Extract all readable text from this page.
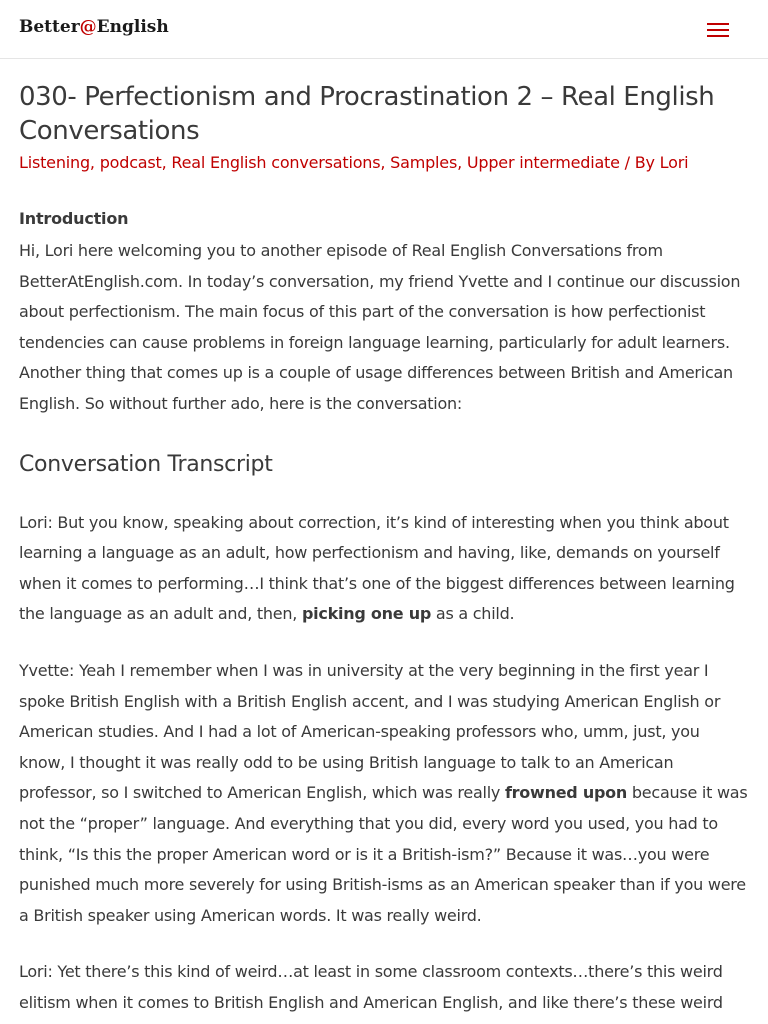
Better@English
030- Perfectionism and Procrastination 2 – Real English Conversations
Listening, podcast, Real English conversations, Samples, Upper intermediate / By Lori
Introduction

Hi, Lori here welcoming you to another episode of Real English Conversations from BetterAtEnglish.com. In today’s conversation, my friend Yvette and I continue our discussion about perfectionism. The main focus of this part of the conversation is how perfectionist tendencies can cause problems in foreign language learning, particularly for adult learners. Another thing that comes up is a couple of usage differences between British and American English. So without further ado, here is the conversation:

Conversation Transcript

Lori: But you know, speaking about correction, it’s kind of interesting when you think about learning a language as an adult, how perfectionism and having, like, demands on yourself when it comes to performing…I think that’s one of the biggest differences between learning the language as an adult and, then, picking one up as a child.

Yvette: Yeah I remember when I was in university at the very beginning in the first year I spoke British English with a British English accent, and I was studying American English or American studies. And I had a lot of American-speaking professors who, umm, just, you know, I thought it was really odd to be using British language to talk to an American professor, so I switched to American English, which was really frowned upon because it was not the “proper” language. And everything that you did, every word you used, you had to think, “Is this the proper American word or is it a British-ism?” Because it was…you were punished much more severely for using British-isms as an American speaker than if you were a British speaker using American words. It was really weird.

Lori: Yet there’s this kind of weird…at least in some classroom contexts…there’s this weird elitism when it comes to British English and American English, and like there’s these weird
